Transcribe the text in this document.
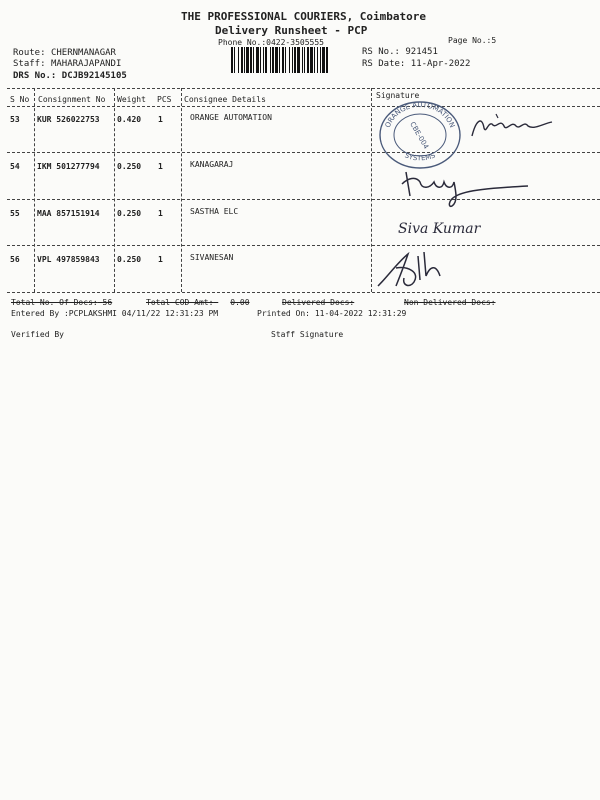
THE PROFESSIONAL COURIERS, Coimbatore
Delivery Runsheet - PCP
Phone No.:0422-3505555	Page No.:5
Route: CHERNMANAGAR
Staff: MAHARAJAPANDI
DRS No.: DCJB92145105
RS No.: 921451
RS Date: 11-Apr-2022
S No Consignment No Weight PCS Consignee Details	Signature
53 KUR 526022753 0.420 1	ORANGE AUTOMATION
54 IKM 501277794 0.250 1	KANAGARAJ
55 MAA 857151914 0.250 1	SASTHA ELC
56 VPL 497859843 0.250 1	SIVANESAN
ORANGE AUTOMATION
SYSTEMS
CBE-004
Siva Kumar
Total No. Of Docs: 56	Total COD Amt: 0.00	Delivered Docs:	Non Delivered Docs:
Entered By :PCPLAKSHMI 04/11/22 12:31:23 PM	Printed On: 11-04-2022 12:31:29
Verified By	Staff Signature
